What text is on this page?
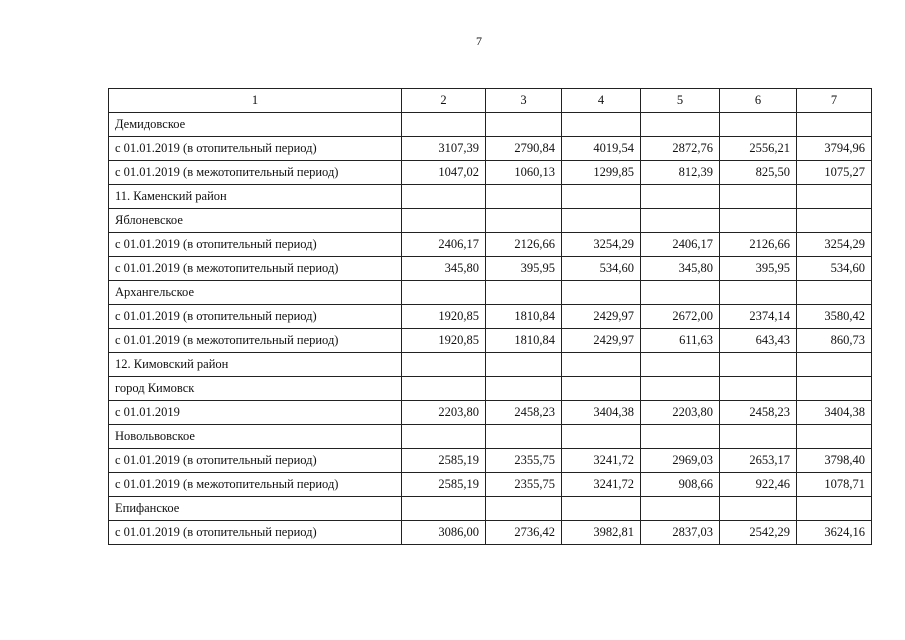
7
1	2	3	4	5	6	7
Демидовское						
с 01.01.2019 (в отопительный период)	3107,39	2790,84	4019,54	2872,76	2556,21	3794,96
с 01.01.2019 (в межотопительный период)	1047,02	1060,13	1299,85	812,39	825,50	1075,27
11. Каменский район						
Яблоневское						
с 01.01.2019 (в отопительный период)	2406,17	2126,66	3254,29	2406,17	2126,66	3254,29
с 01.01.2019 (в межотопительный период)	345,80	395,95	534,60	345,80	395,95	534,60
Архангельское						
с 01.01.2019 (в отопительный период)	1920,85	1810,84	2429,97	2672,00	2374,14	3580,42
с 01.01.2019 (в межотопительный период)	1920,85	1810,84	2429,97	611,63	643,43	860,73
12. Кимовский район						
город Кимовск						
с 01.01.2019	2203,80	2458,23	3404,38	2203,80	2458,23	3404,38
Новольвовское						
с 01.01.2019 (в отопительный период)	2585,19	2355,75	3241,72	2969,03	2653,17	3798,40
с 01.01.2019 (в межотопительный период)	2585,19	2355,75	3241,72	908,66	922,46	1078,71
Епифанское						
с 01.01.2019 (в отопительный период)	3086,00	2736,42	3982,81	2837,03	2542,29	3624,16
